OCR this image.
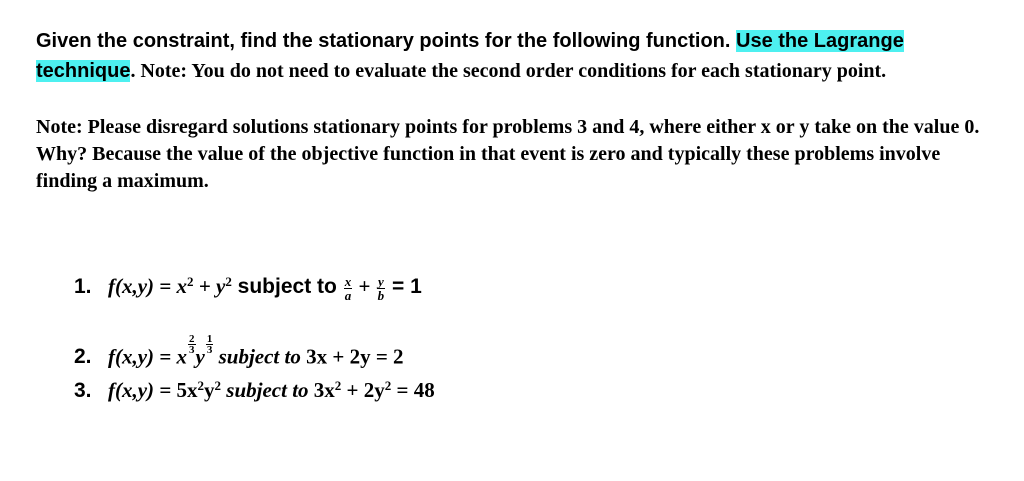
Given the constraint, find the stationary points for the following function. Use the Lagrange
technique. Note: You do not need to evaluate the second order conditions for each stationary point.

Note: Please disregard solutions stationary points for problems 3 and 4, where either x or y take on the value 0. Why? Because the value of the objective function in that event is zero and typically these problems involve finding a maximum.

1. $f(x,y) = x^2 + y^2$ subject to $\frac{x}{a} + \frac{y}{b} = 1$
2. f(x,y) = x $\frac{2}{3}$ y $\frac{1}{3}$ subject to 3x + 2y = 2
3. $f(x,y) = 5x^2y^2$ subject to $3x^2 + 2y^2 = 48$
